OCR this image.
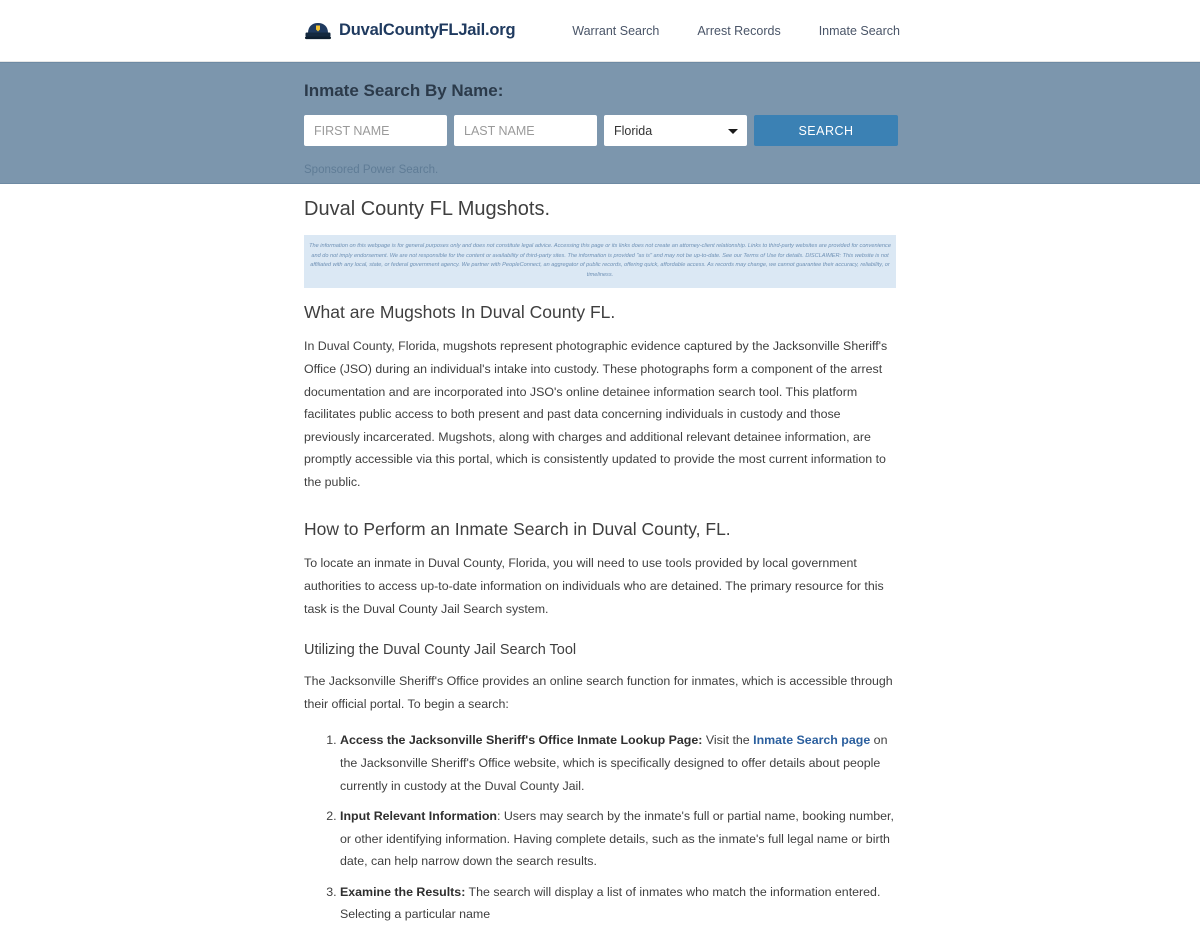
DuvalCountyFLJail.org	Warrant Search	Arrest Records	Inmate Search
Inmate Search By Name:
FIRST NAME
LAST NAME
Florida
SEARCH
Sponsored Power Search.
Duval County FL Mugshots.
The information on this webpage is for general purposes only and does not constitute legal advice. Accessing this page or its links does not create an attorney-client relationship. Links to third-party websites are provided for convenience and do not imply endorsement. We are not responsible for the content or availability of third-party sites. The information is provided "as is" and may not be up-to-date. See our Terms of Use for details. DISCLAIMER: This website is not affiliated with any local, state, or federal government agency. We partner with PeopleConnect, an aggregator of public records, offering quick, affordable access. As records may change, we cannot guarantee their accuracy, reliability, or timeliness.
What are Mugshots In Duval County FL.

In Duval County, Florida, mugshots represent photographic evidence captured by the Jacksonville Sheriff's Office (JSO) during an individual's intake into custody. These photographs form a component of the arrest documentation and are incorporated into JSO's online detainee information search tool. This platform facilitates public access to both present and past data concerning individuals in custody and those previously incarcerated. Mugshots, along with charges and additional relevant detainee information, are promptly accessible via this portal, which is consistently updated to provide the most current information to the public.

How to Perform an Inmate Search in Duval County, FL.

To locate an inmate in Duval County, Florida, you will need to use tools provided by local government authorities to access up-to-date information on individuals who are detained. The primary resource for this task is the Duval County Jail Search system.

Utilizing the Duval County Jail Search Tool

The Jacksonville Sheriff's Office provides an online search function for inmates, which is accessible through their official portal. To begin a search:

1. Access the Jacksonville Sheriff's Office Inmate Lookup Page: Visit the Inmate Search page on the Jacksonville Sheriff's Office website, which is specifically designed to offer details about people currently in custody at the Duval County Jail.
2. Input Relevant Information: Users may search by the inmate's full or partial name, booking number, or other identifying information. Having complete details, such as the inmate's full legal name or birth date, can help narrow down the search results.
3. Examine the Results: The search will display a list of inmates who match the information entered. Selecting a particular name
